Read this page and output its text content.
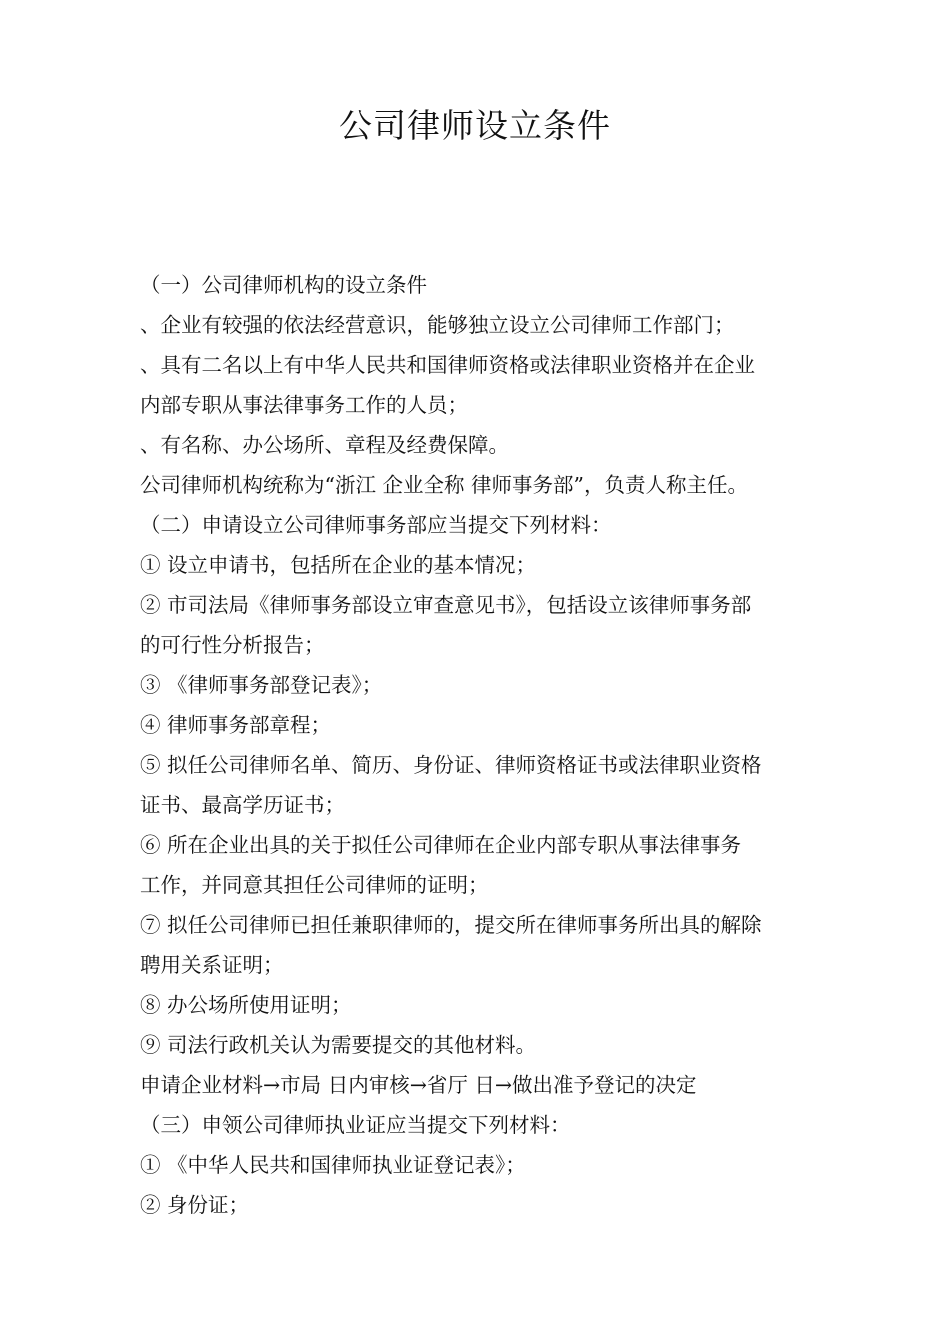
公司律师设立条件
（一）公司律师机构的设立条件
、企业有较强的依法经营意识，能够独立设立公司律师工作部门；
、具有二名以上有中华人民共和国律师资格或法律职业资格并在企业
内部专职从事法律事务工作的人员；
、有名称、办公场所、章程及经费保障。
公司律师机构统称为“浙江 企业全称 律师事务部”，负责人称主任。
（二）申请设立公司律师事务部应当提交下列材料：
① 设立申请书，包括所在企业的基本情况；
② 市司法局《律师事务部设立审查意见书》，包括设立该律师事务部
的可行性分析报告；
③ 《律师事务部登记表》；
④ 律师事务部章程；
⑤ 拟任公司律师名单、简历、身份证、律师资格证书或法律职业资格
证书、最高学历证书；
⑥ 所在企业出具的关于拟任公司律师在企业内部专职从事法律事务
工作，并同意其担任公司律师的证明；
⑦ 拟任公司律师已担任兼职律师的，提交所在律师事务所出具的解除
聘用关系证明；
⑧ 办公场所使用证明；
⑨ 司法行政机关认为需要提交的其他材料。
申请企业材料→市局 日内审核→省厅 日→做出准予登记的决定
（三）申领公司律师执业证应当提交下列材料：
① 《中华人民共和国律师执业证登记表》；
② 身份证；
